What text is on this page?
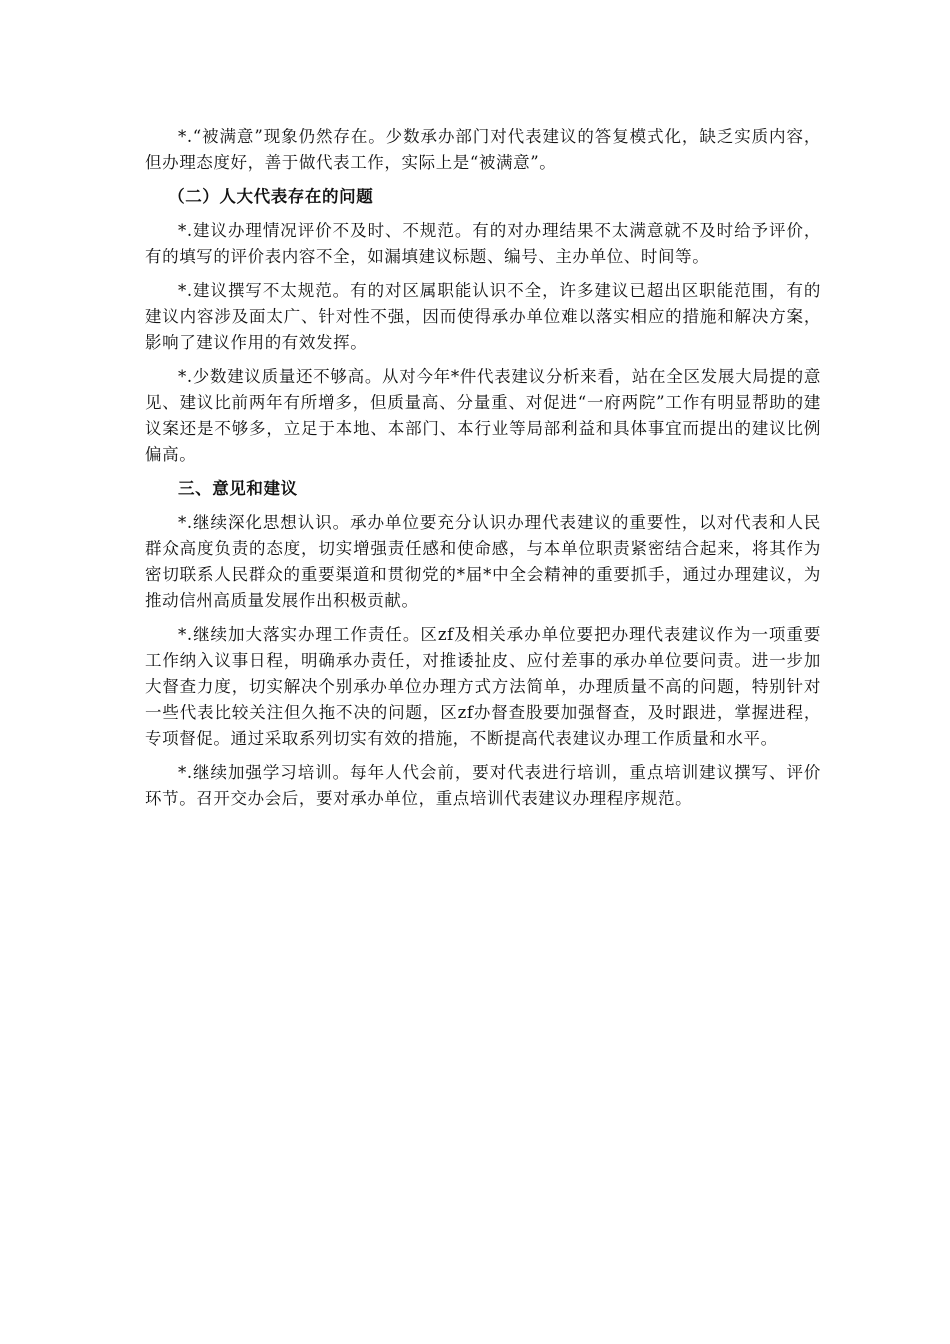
*.“被满意”现象仍然存在。少数承办部门对代表建议的答复模式化，缺乏实质内容，但办理态度好，善于做代表工作，实际上是“被满意”。

（二）人大代表存在的问题

*.建议办理情况评价不及时、不规范。有的对办理结果不太满意就不及时给予评价，有的填写的评价表内容不全，如漏填建议标题、编号、主办单位、时间等。

*.建议撰写不太规范。有的对区属职能认识不全，许多建议已超出区职能范围，有的建议内容涉及面太广、针对性不强，因而使得承办单位难以落实相应的措施和解决方案，影响了建议作用的有效发挥。

*.少数建议质量还不够高。从对今年*件代表建议分析来看，站在全区发展大局提的意见、建议比前两年有所增多，但质量高、分量重、对促进“一府两院”工作有明显帮助的建议案还是不够多，立足于本地、本部门、本行业等局部利益和具体事宜而提出的建议比例偏高。

三、意见和建议

*.继续深化思想认识。承办单位要充分认识办理代表建议的重要性，以对代表和人民群众高度负责的态度，切实增强责任感和使命感，与本单位职责紧密结合起来，将其作为密切联系人民群众的重要渠道和贯彻党的*届*中全会精神的重要抓手，通过办理建议，为推动信州高质量发展作出积极贡献。

*.继续加大落实办理工作责任。区zf及相关承办单位要把办理代表建议作为一项重要工作纳入议事日程，明确承办责任，对推诿扯皮、应付差事的承办单位要问责。进一步加大督查力度，切实解决个别承办单位办理方式方法简单，办理质量不高的问题，特别针对一些代表比较关注但久拖不决的问题，区zf办督查股要加强督查，及时跟进，掌握进程，专项督促。通过采取系列切实有效的措施，不断提高代表建议办理工作质量和水平。

*.继续加强学习培训。每年人代会前，要对代表进行培训，重点培训建议撰写、评价环节。召开交办会后，要对承办单位，重点培训代表建议办理程序规范。
